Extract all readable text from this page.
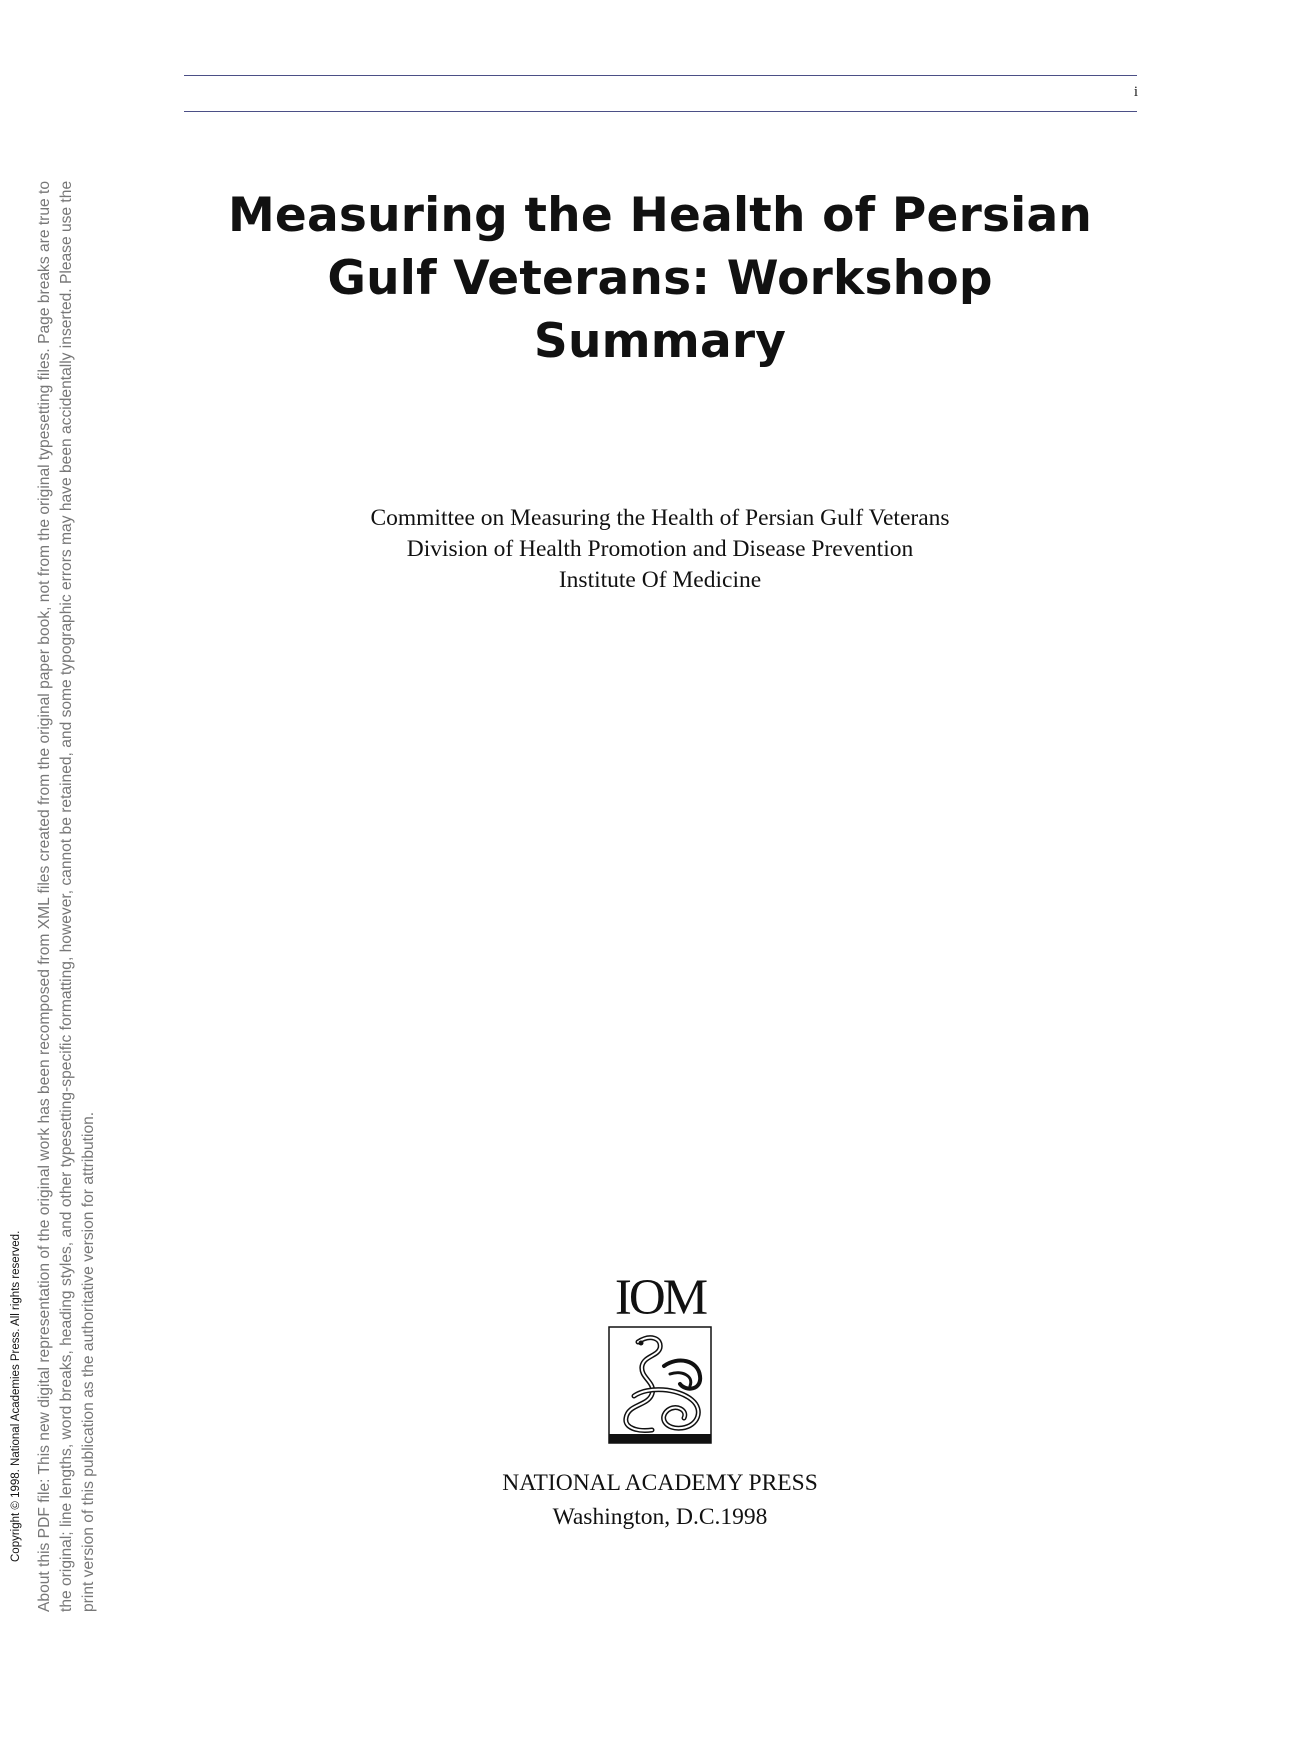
i
Measuring the Health of Persian
Gulf Veterans: Workshop
Summary
Committee on Measuring the Health of Persian Gulf Veterans
Division of Health Promotion and Disease Prevention
Institute Of Medicine
IOM
NATIONAL ACADEMY PRESS
Washington, D.C.1998
Copyright © 1998. National Academies Press. All rights reserved. About this PDF file: This new digital representation of the original work has been recomposed from XML files created from the original paper book, not from the original typesetting files. Page breaks are true to the original; line lengths, word breaks, heading styles, and other typesetting-specific formatting, however, cannot be retained, and some typographic errors may have been accidentally inserted. Please use the print version of this publication as the authoritative version for attribution.
